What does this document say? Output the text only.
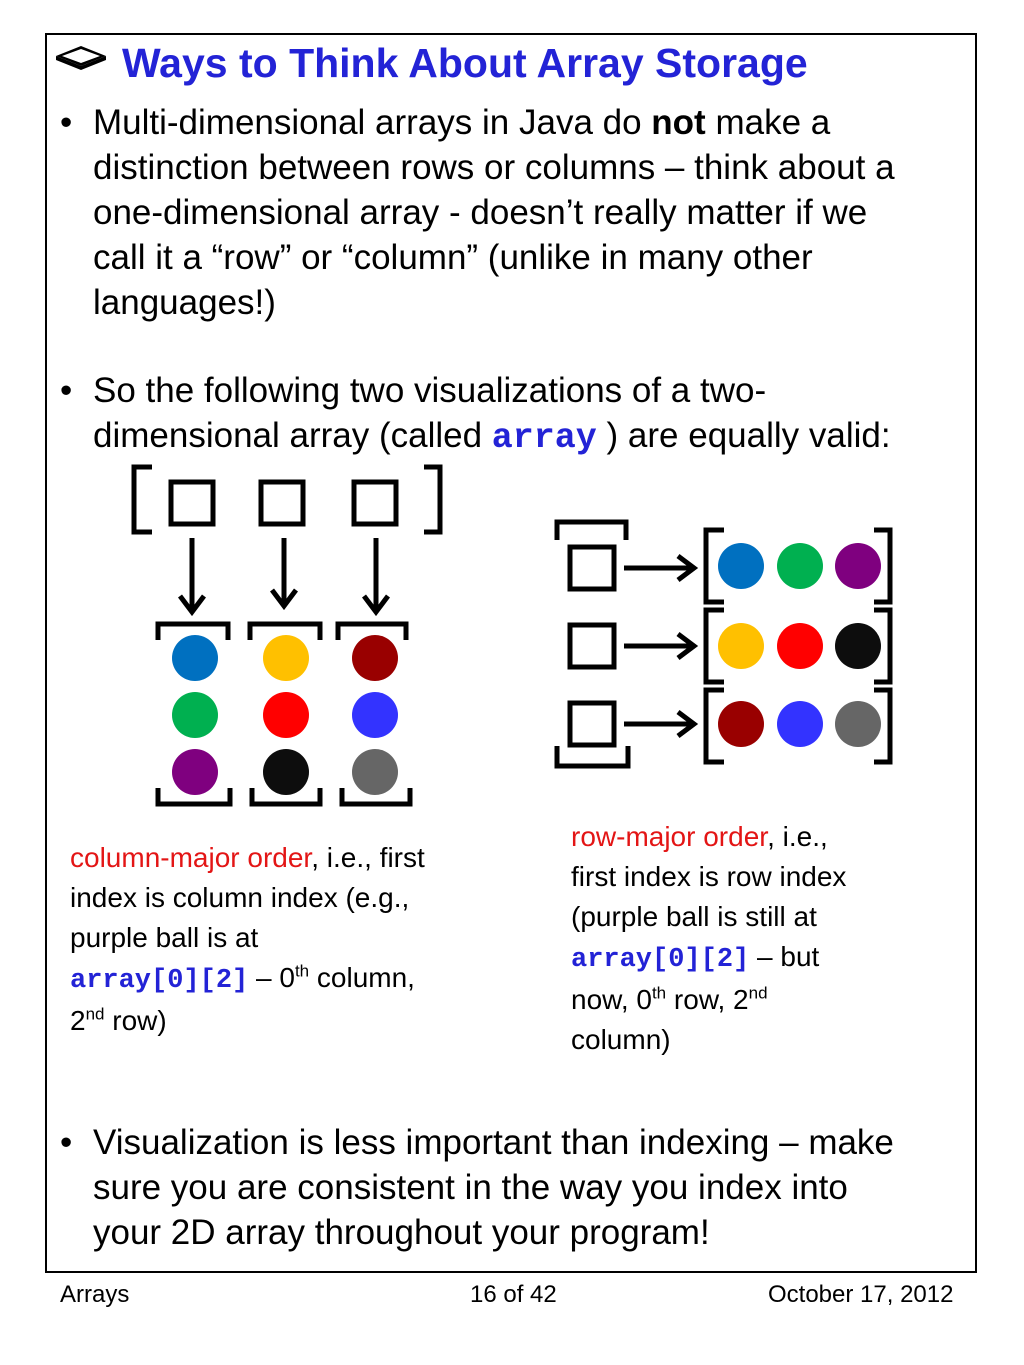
Ways to Think About Array Storage
• Multi-dimensional arrays in Java do not make a
distinction between rows or columns – think about a
one-dimensional array - doesn’t really matter if we
call it a “row” or “column” (unlike in many other
languages!)
• So the following two visualizations of a two-
dimensional array (called array ) are equally valid:
column-major order, i.e., first
index is column index (e.g.,
purple ball is at
array[0][2] – 0th column,
2nd row)
row-major order, i.e.,
first index is row index
(purple ball is still at
array[0][2] – but
now, 0th row, 2nd
column)
• Visualization is less important than indexing – make
sure you are consistent in the way you index into
your 2D array throughout your program!
Arrays	16 of 42	October 17, 2012
